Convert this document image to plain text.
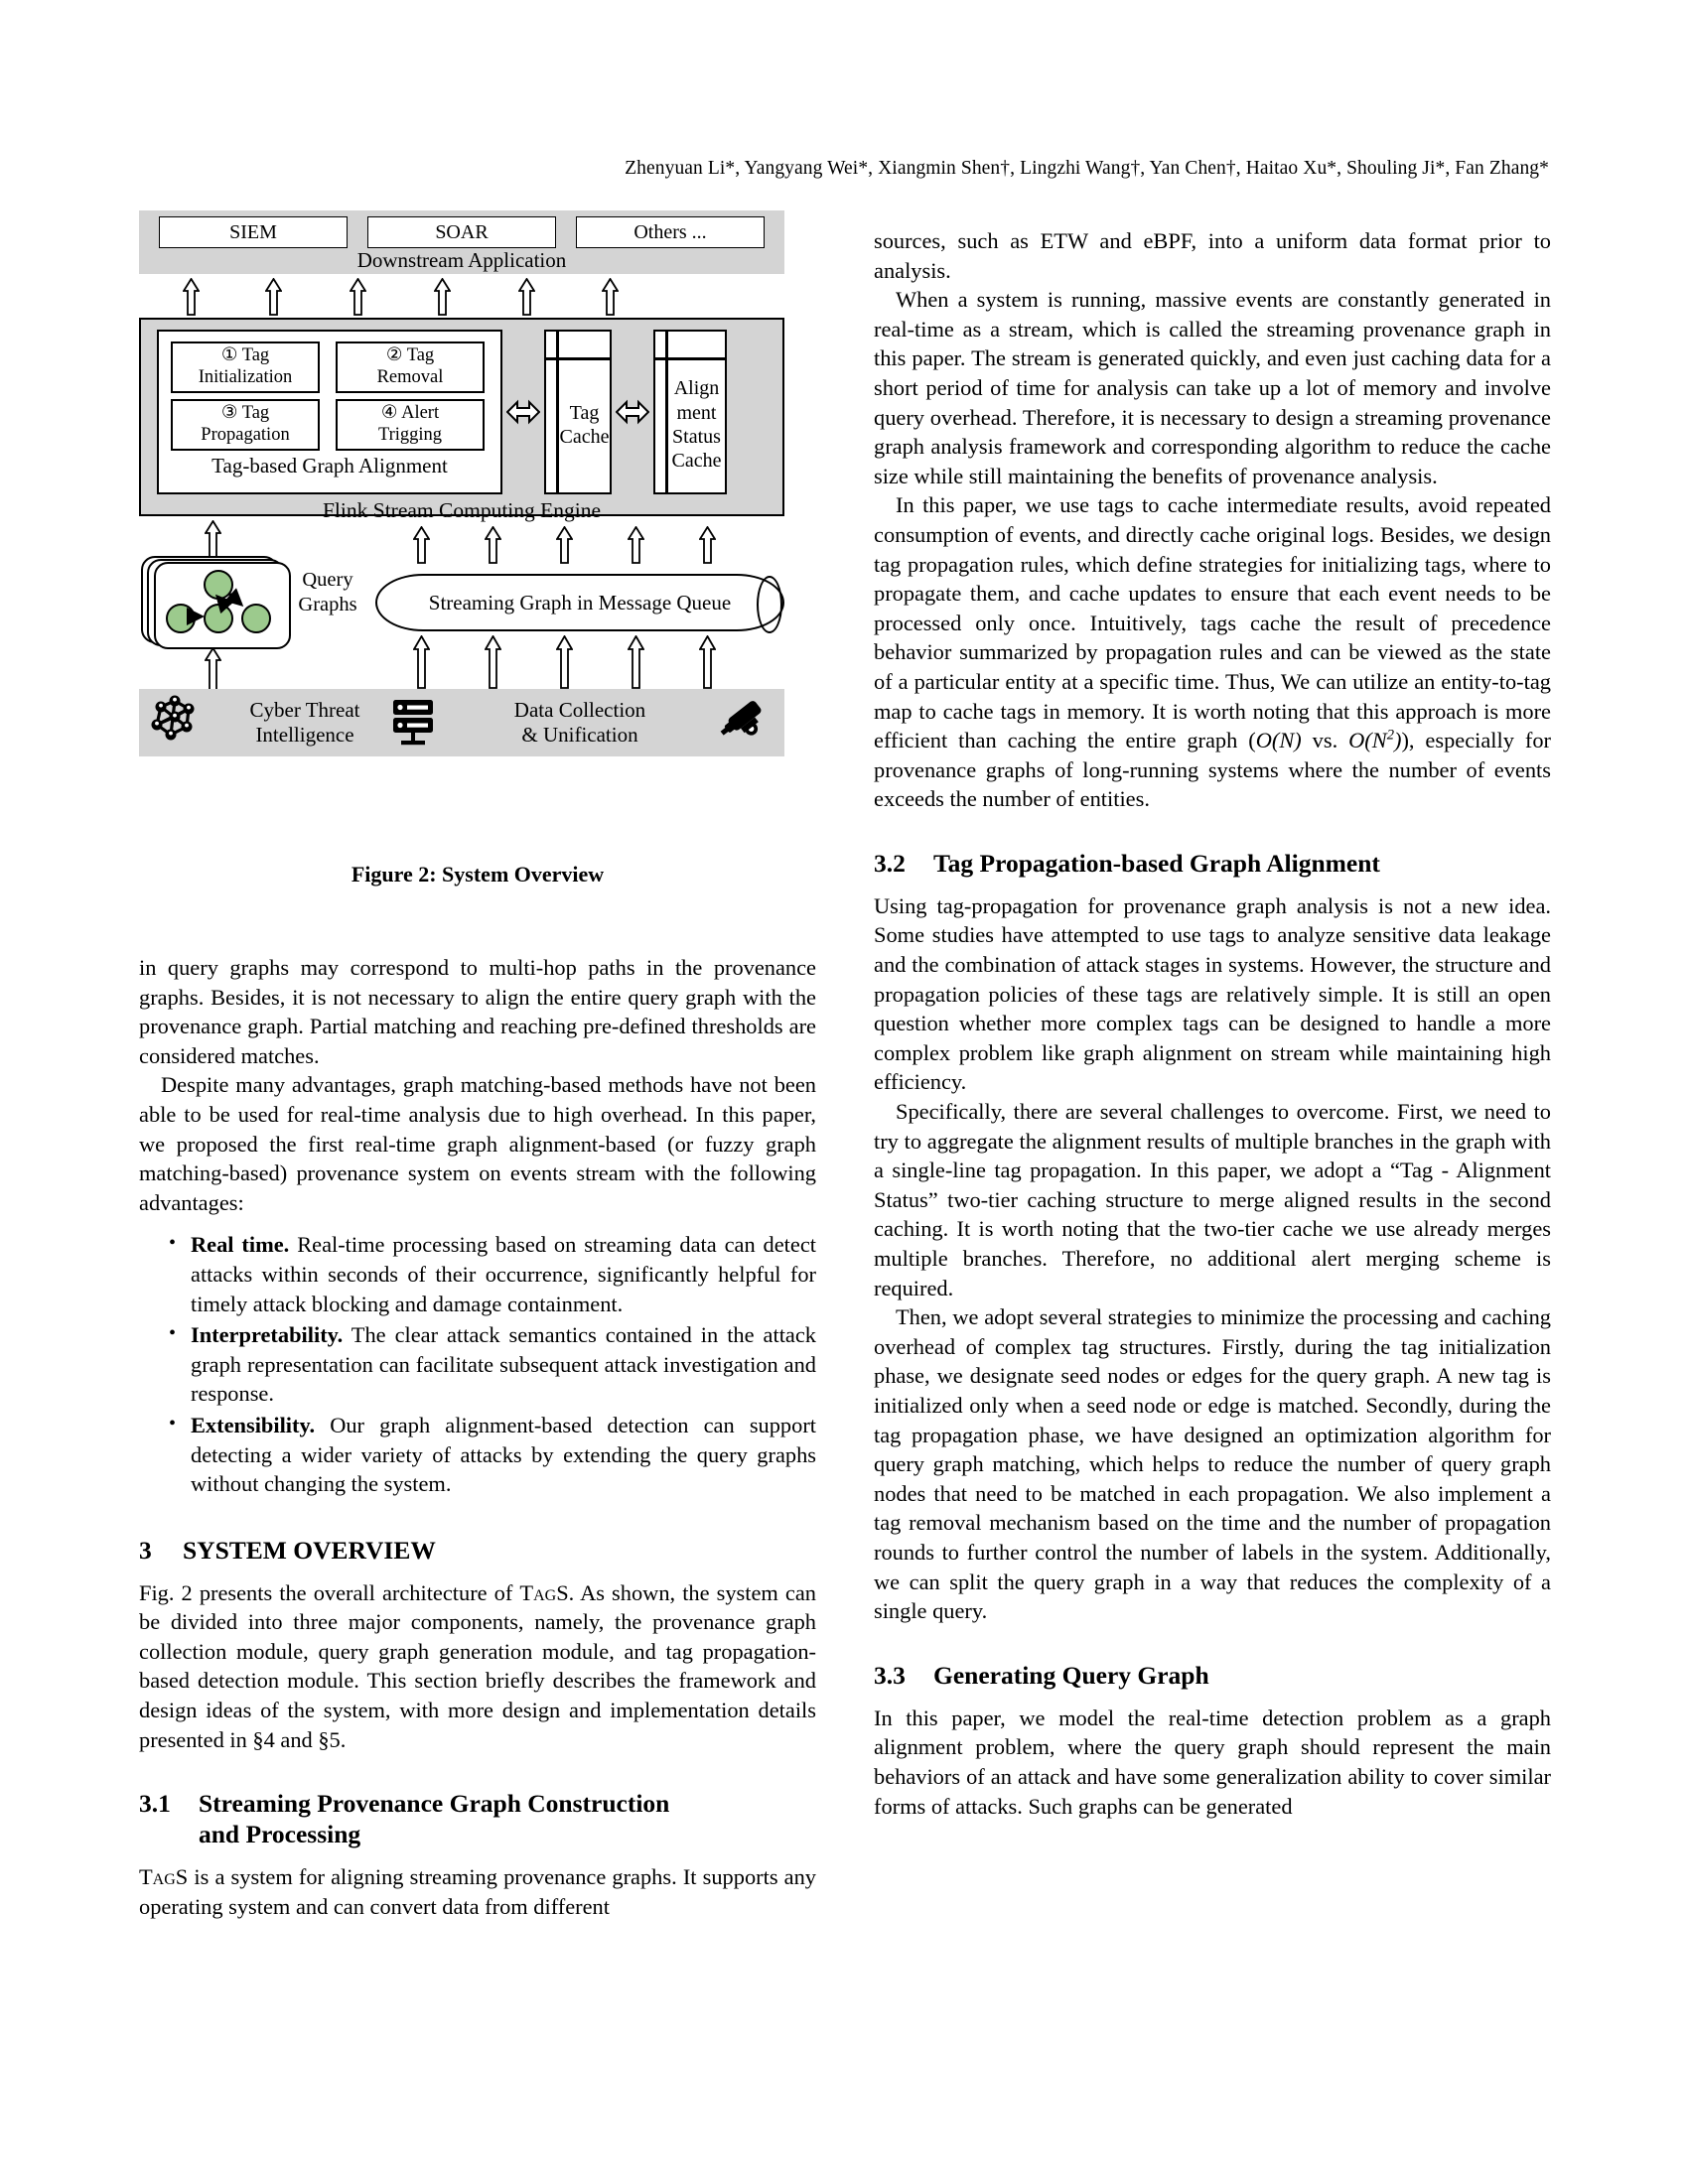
Zhenyuan Li*, Yangyang Wei*, Xiangmin Shen†, Lingzhi Wang†, Yan Chen†, Haitao Xu*, Shouling Ji*, Fan Zhang*
SIEM	SOAR	Others ...
Downstream Application
① Tag
Initialization
② Tag
Removal
③ Tag
Propagation
④ Alert
Trigging
Tag-based Graph Alignment
Tag
Cache
Align
ment
Status
Cache
Flink Stream Computing Engine
Query
Graphs	Streaming Graph in Message Queue
Cyber Threat
Intelligence
Data Collection
& Unification
Figure 2: System Overview

in query graphs may correspond to multi-hop paths in the provenance graphs. Besides, it is not necessary to align the entire query graph with the provenance graph. Partial matching and reaching pre-defined thresholds are considered matches.

Despite many advantages, graph matching-based methods have not been able to be used for real-time analysis due to high overhead. In this paper, we proposed the first real-time graph alignment-based (or fuzzy graph matching-based) provenance system on events stream with the following advantages:

• Real time. Real-time processing based on streaming data can detect attacks within seconds of their occurrence, significantly helpful for timely attack blocking and damage containment.
• Interpretability. The clear attack semantics contained in the attack graph representation can facilitate subsequent attack investigation and response.
• Extensibility. Our graph alignment-based detection can support detecting a wider variety of attacks by extending the query graphs without changing the system.
3 SYSTEM OVERVIEW

Fig. 2 presents the overall architecture of TagS. As shown, the system can be divided into three major components, namely, the provenance graph collection module, query graph generation module, and tag propagation-based detection module. This section briefly describes the framework and design ideas of the system, with more design and implementation details presented in §4 and §5.

3.1 Streaming Provenance Graph Construction
and Processing

TagS is a system for aligning streaming provenance graphs. It supports any operating system and can convert data from different

sources, such as ETW and eBPF, into a uniform data format prior to analysis.

When a system is running, massive events are constantly generated in real-time as a stream, which is called the streaming provenance graph in this paper. The stream is generated quickly, and even just caching data for a short period of time for analysis can take up a lot of memory and involve query overhead. Therefore, it is necessary to design a streaming provenance graph analysis framework and corresponding algorithm to reduce the cache size while still maintaining the benefits of provenance analysis.

In this paper, we use tags to cache intermediate results, avoid repeated consumption of events, and directly cache original logs. Besides, we design tag propagation rules, which define strategies for initializing tags, where to propagate them, and cache updates to ensure that each event needs to be processed only once. Intuitively, tags cache the result of precedence behavior summarized by propagation rules and can be viewed as the state of a particular entity at a specific time. Thus, We can utilize an entity-to-tag map to cache tags in memory. It is worth noting that this approach is more efficient than caching the entire graph (O(N) vs. $O(N^2)$), especially for provenance graphs of long-running systems where the number of events exceeds the number of entities.

3.2 Tag Propagation-based Graph Alignment

Using tag-propagation for provenance graph analysis is not a new idea. Some studies have attempted to use tags to analyze sensitive data leakage and the combination of attack stages in systems. However, the structure and propagation policies of these tags are relatively simple. It is still an open question whether more complex tags can be designed to handle a more complex problem like graph alignment on stream while maintaining high efficiency.

Specifically, there are several challenges to overcome. First, we need to try to aggregate the alignment results of multiple branches in the graph with a single-line tag propagation. In this paper, we adopt a “Tag - Alignment Status” two-tier caching structure to merge aligned results in the second caching. It is worth noting that the two-tier cache we use already merges multiple branches. Therefore, no additional alert merging scheme is required.

Then, we adopt several strategies to minimize the processing and caching overhead of complex tag structures. Firstly, during the tag initialization phase, we designate seed nodes or edges for the query graph. A new tag is initialized only when a seed node or edge is matched. Secondly, during the tag propagation phase, we have designed an optimization algorithm for query graph matching, which helps to reduce the number of query graph nodes that need to be matched in each propagation. We also implement a tag removal mechanism based on the time and the number of propagation rounds to further control the number of labels in the system. Additionally, we can split the query graph in a way that reduces the complexity of a single query.

3.3 Generating Query Graph

In this paper, we model the real-time detection problem as a graph alignment problem, where the query graph should represent the main behaviors of an attack and have some generalization ability to cover similar forms of attacks. Such graphs can be generated
